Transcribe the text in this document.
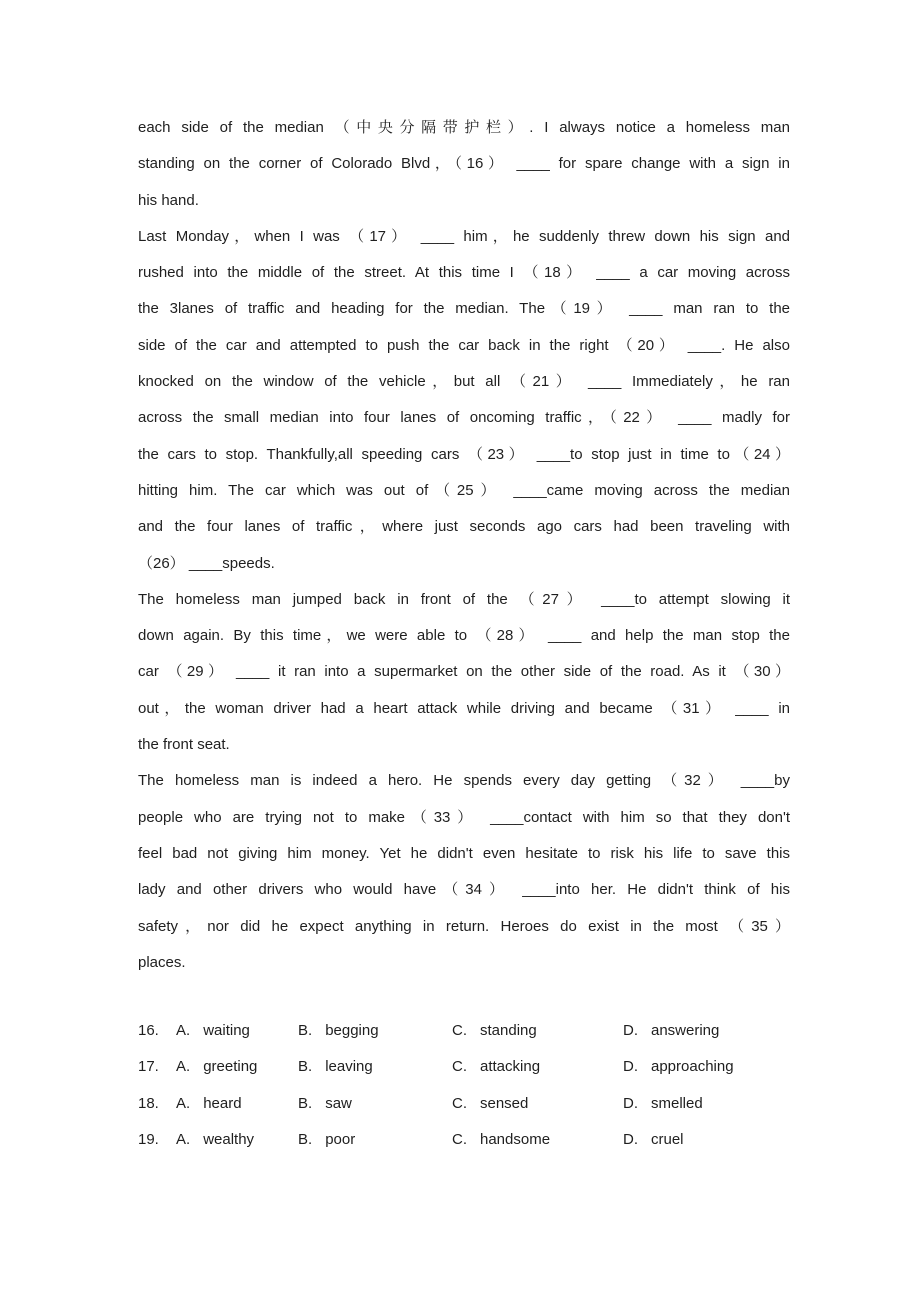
each side of the median （中央分隔带护栏）. I always notice a homeless man
standing on the corner of Colorado Blvd，（16） ____ for spare change with a sign in
his hand.
Last Monday，when I was （17） ____ him，he suddenly threw down his sign and
rushed into the middle of the street. At this time I （18） ____ a car moving across
the 3lanes of traffic and heading for the median. The（19） ____ man ran to the
side of the car and attempted to push the car back in the right （20） ____. He also
knocked on the window of the vehicle，but all （21） ____ Immediately，he ran
across the small median into four lanes of oncoming traffic，（22） ____ madly for
the cars to stop. Thankfully,all speeding cars （23） ____to stop just in time to（24）
hitting him. The car which was out of（25） ____came moving across the median
and the four lanes of traffic，where just seconds ago cars had been traveling with
（26） ____speeds.
The homeless man jumped back in front of the （27） ____to attempt slowing it
down again. By this time，we were able to （28） ____ and help the man stop the
car （29） ____ it ran into a supermarket on the other side of the road. As it （30）
out，the woman driver had a heart attack while driving and became （31） ____ in
the front seat.
The homeless man is indeed a hero. He spends every day getting （32） ____by
people who are trying not to make（33） ____contact with him so that they don't
feel bad not giving him money. Yet he didn't even hesitate to risk his life to save this
lady and other drivers who would have（34） ____into her. He didn't think of his
safety，nor did he expect anything in return. Heroes do exist in the most （35）
places.
16.	A. waiting	B. begging	C. standing	D. answering
17.	A. greeting	B. leaving	C. attacking	D. approaching
18.	A. heard	B. saw	C. sensed	D. smelled
19.	A. wealthy	B. poor	C. handsome	D. cruel
